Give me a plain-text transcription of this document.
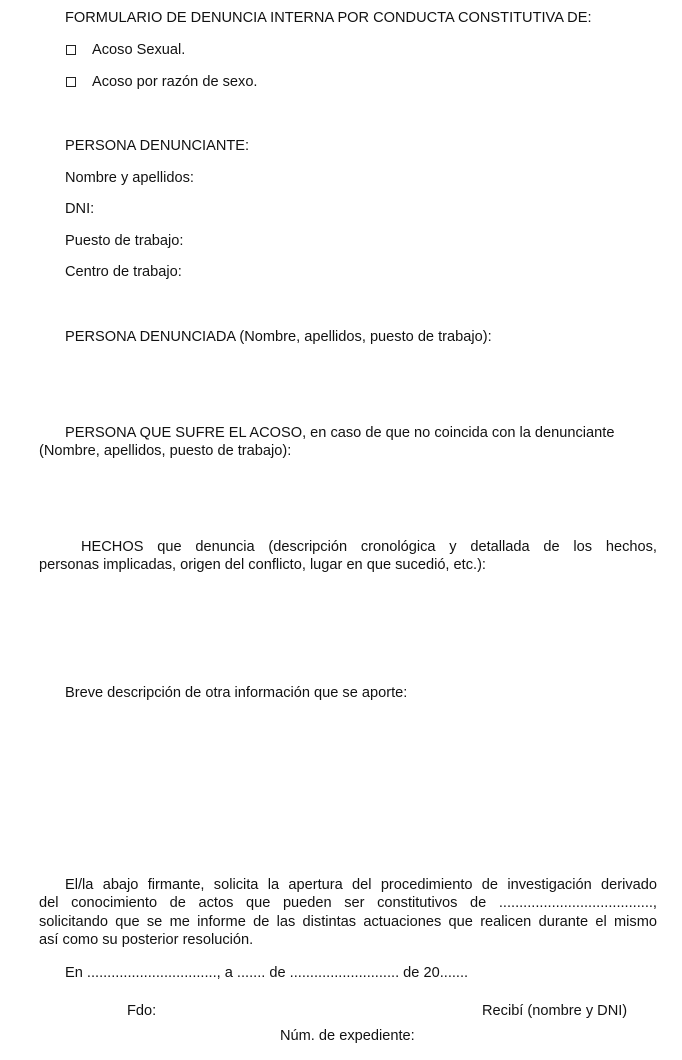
FORMULARIO DE DENUNCIA INTERNA POR CONDUCTA CONSTITUTIVA DE:
Acoso Sexual.
Acoso por razón de sexo.
PERSONA DENUNCIANTE:
Nombre y apellidos:
DNI:
Puesto de trabajo:
Centro de trabajo:
PERSONA DENUNCIADA (Nombre, apellidos, puesto de trabajo):
PERSONA QUE SUFRE EL ACOSO, en caso de que no coincida con la denunciante
(Nombre, apellidos, puesto de trabajo):
HECHOS que denuncia (descripción cronológica y detallada de los hechos,
personas implicadas, origen del conflicto, lugar en que sucedió, etc.):
Breve descripción de otra información que se aporte:
El/la abajo firmante, solicita la apertura del procedimiento de investigación derivado
del conocimiento de actos que pueden ser constitutivos de ......................................,
solicitando que se me informe de las distintas actuaciones que realicen durante el mismo
así como su posterior resolución.
En ................................, a ....... de ........................... de 20.......
Fdo:	Recibí (nombre y DNI)
Núm. de expediente:
